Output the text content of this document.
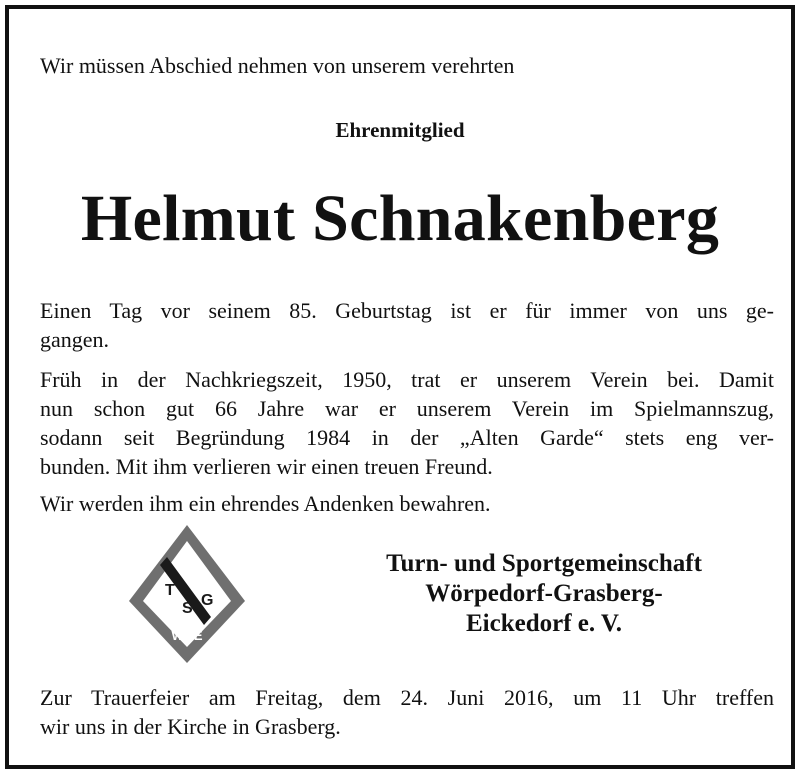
Wir müssen Abschied nehmen von unserem verehrten
Ehrenmitglied
Helmut Schnakenberg
Einen Tag vor seinem 85. Geburtstag ist er für immer von uns ge-
gangen.
Früh in der Nachkriegszeit, 1950, trat er unserem Verein bei. Damit
nun schon gut 66 Jahre war er unserem Verein im Spielmannszug,
sodann seit Begründung 1984 in der „Alten Garde“ stets eng ver-
bunden. Mit ihm verlieren wir einen treuen Freund.
Wir werden ihm ein ehrendes Andenken bewahren.
T
S G
WGE
Turn- und Sportgemeinschaft
Wörpedorf-Grasberg-
Eickedorf e. V.
Zur Trauerfeier am Freitag, dem 24. Juni 2016, um 11 Uhr treffen
wir uns in der Kirche in Grasberg.
